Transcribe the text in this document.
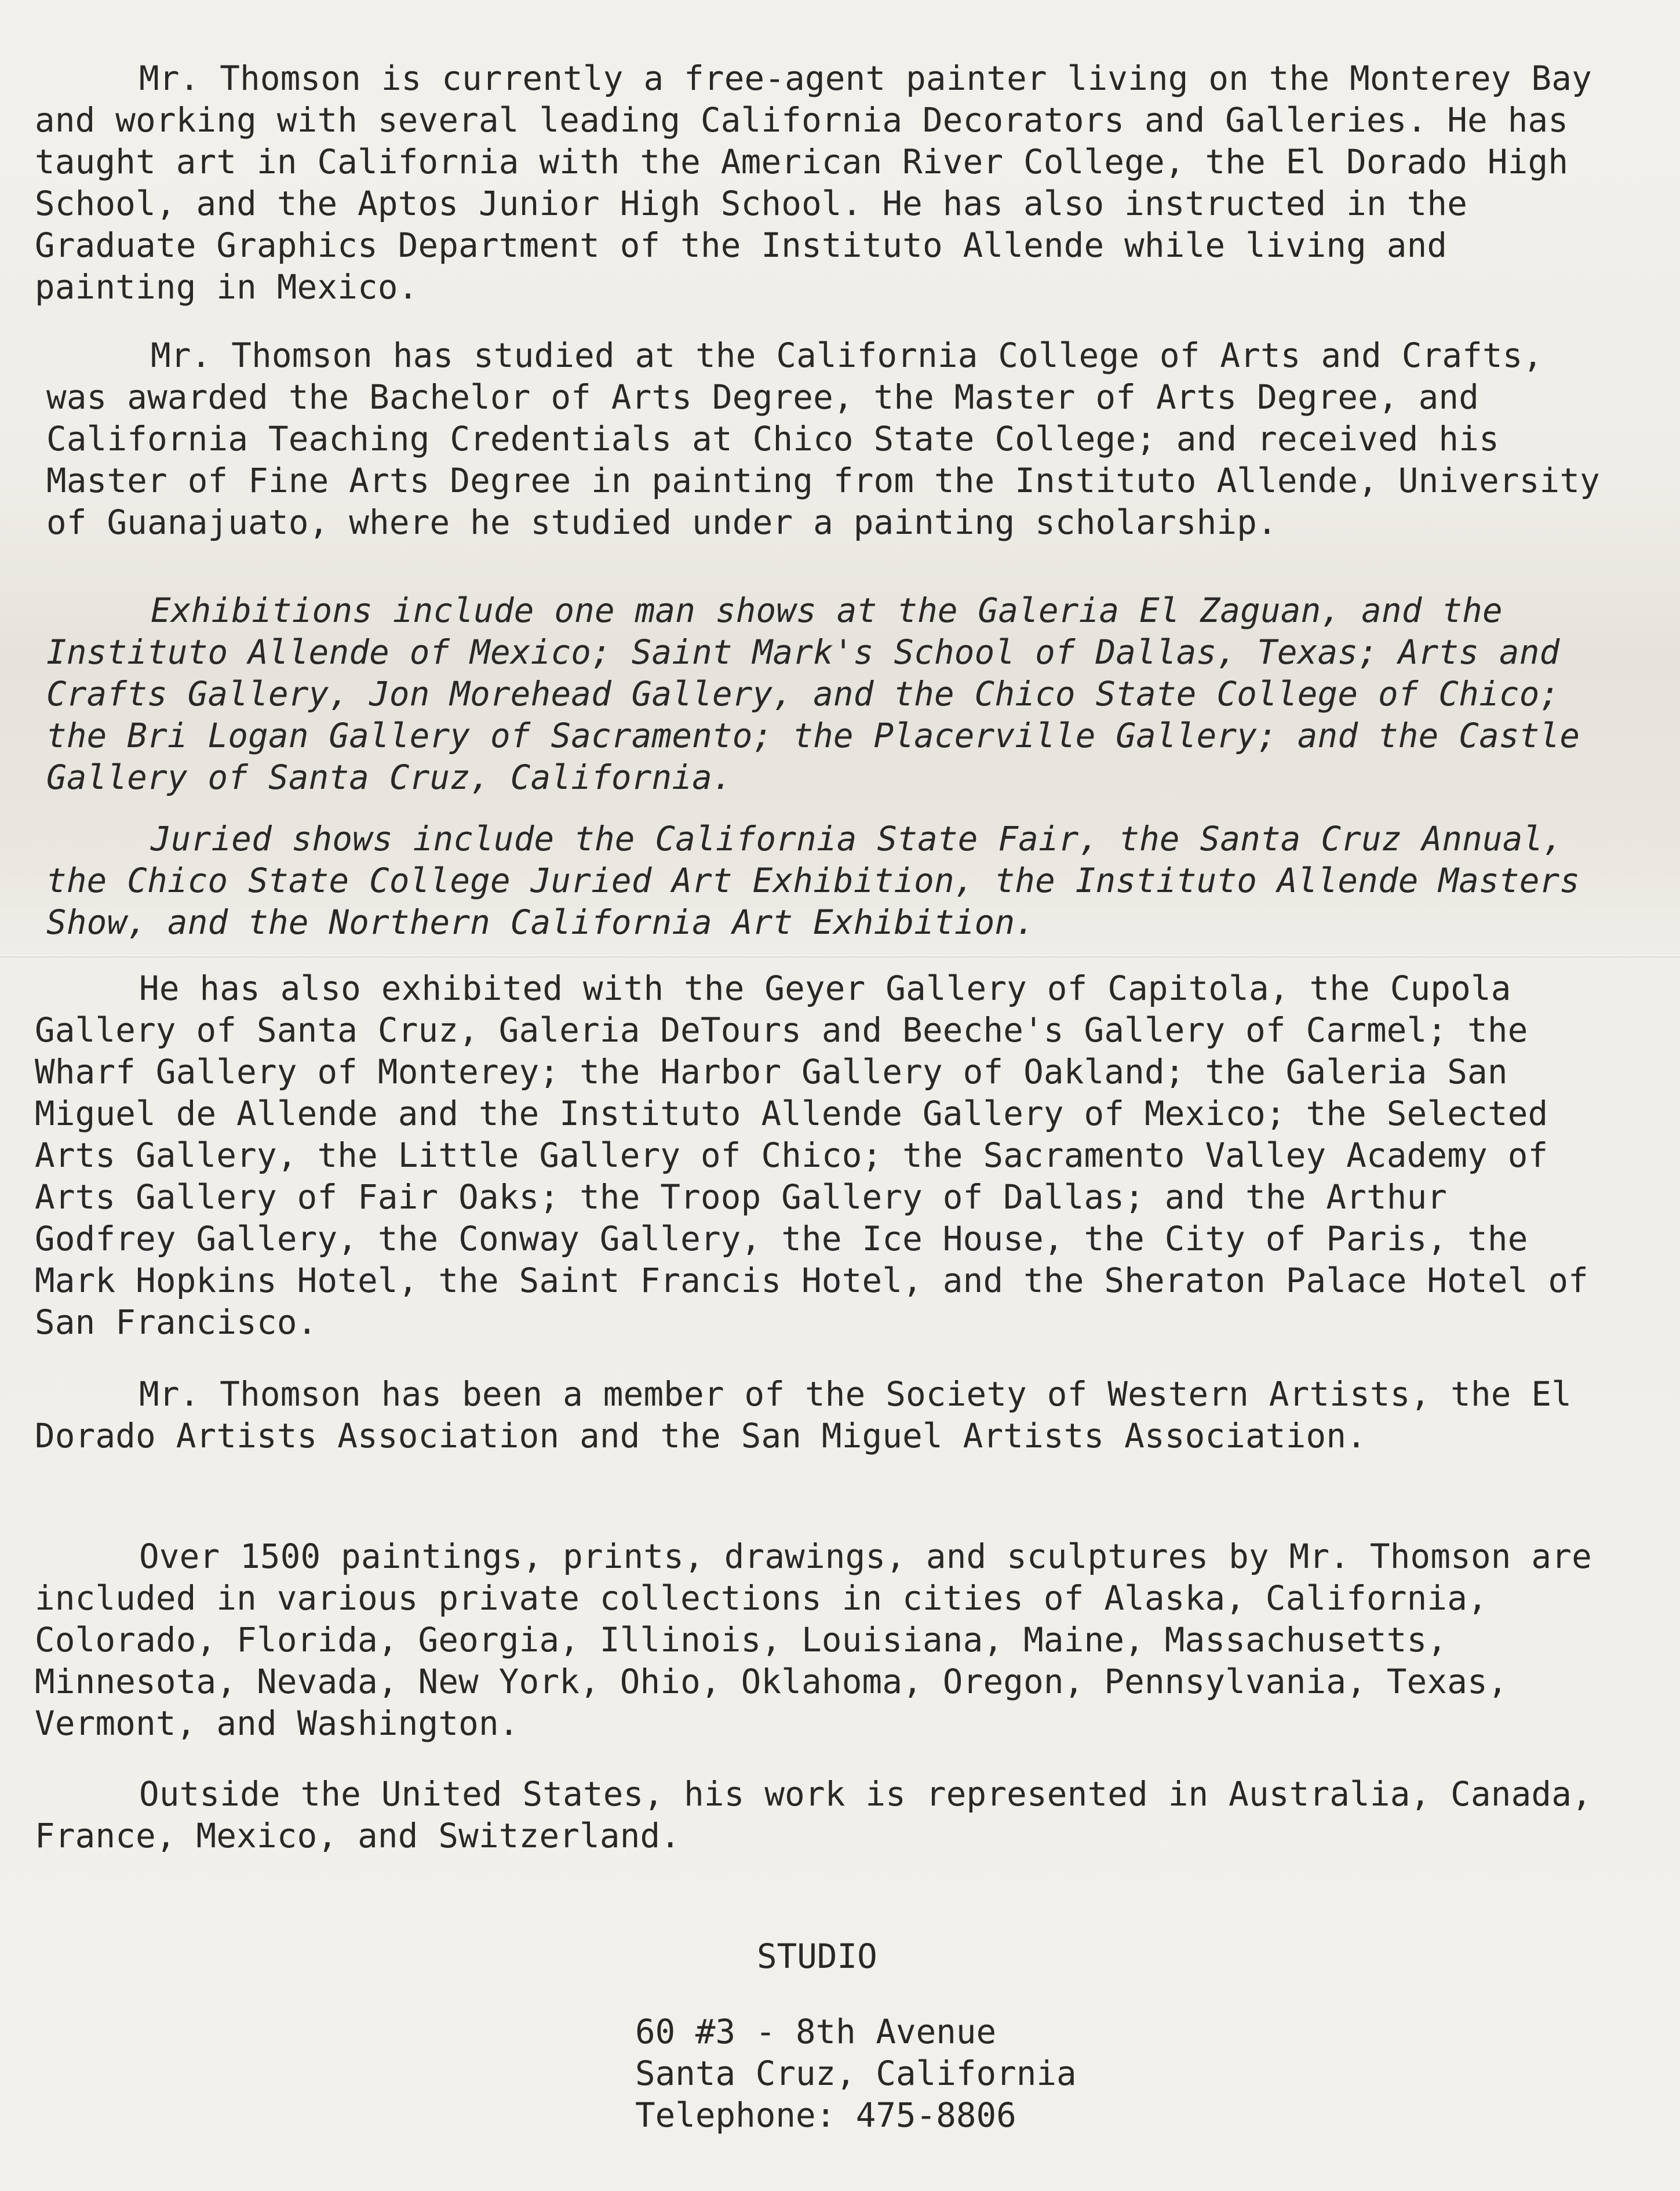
Mr. Thomson is currently a free-agent painter living on the Monterey Bay and working with several leading California Decorators and Galleries. He has taught art in California with the American River College, the El Dorado High School, and the Aptos Junior High School. He has also instructed in the Graduate Graphics Department of the Instituto Allende while living and painting in Mexico.

Mr. Thomson has studied at the California College of Arts and Crafts, was awarded the Bachelor of Arts Degree, the Master of Arts Degree, and California Teaching Credentials at Chico State College; and received his Master of Fine Arts Degree in painting from the Instituto Allende, University of Guanajuato, where he studied under a painting scholarship.

Exhibitions include one man shows at the Galeria El Zaguan, and the Instituto Allende of Mexico; Saint Mark's School of Dallas, Texas; Arts and Crafts Gallery, Jon Morehead Gallery, and the Chico State College of Chico; the Bri Logan Gallery of Sacramento; the Placerville Gallery; and the Castle Gallery of Santa Cruz, California.

Juried shows include the California State Fair, the Santa Cruz Annual, the Chico State College Juried Art Exhibition, the Instituto Allende Masters Show, and the Northern California Art Exhibition.

He has also exhibited with the Geyer Gallery of Capitola, the Cupola Gallery of Santa Cruz, Galeria DeTours and Beeche's Gallery of Carmel; the Wharf Gallery of Monterey; the Harbor Gallery of Oakland; the Galeria San Miguel de Allende and the Instituto Allende Gallery of Mexico; the Selected Arts Gallery, the Little Gallery of Chico; the Sacramento Valley Academy of Arts Gallery of Fair Oaks; the Troop Gallery of Dallas; and the Arthur Godfrey Gallery, the Conway Gallery, the Ice House, the City of Paris, the Mark Hopkins Hotel, the Saint Francis Hotel, and the Sheraton Palace Hotel of San Francisco.

Mr. Thomson has been a member of the Society of Western Artists, the El Dorado Artists Association and the San Miguel Artists Association.

Over 1500 paintings, prints, drawings, and sculptures by Mr. Thomson are included in various private collections in cities of Alaska, California, Colorado, Florida, Georgia, Illinois, Louisiana, Maine, Massachusetts, Minnesota, Nevada, New York, Ohio, Oklahoma, Oregon, Pennsylvania, Texas, Vermont, and Washington.

Outside the United States, his work is represented in Australia, Canada, France, Mexico, and Switzerland.

STUDIO

60 #3 - 8th Avenue
Santa Cruz, California
Telephone: 475-8806
